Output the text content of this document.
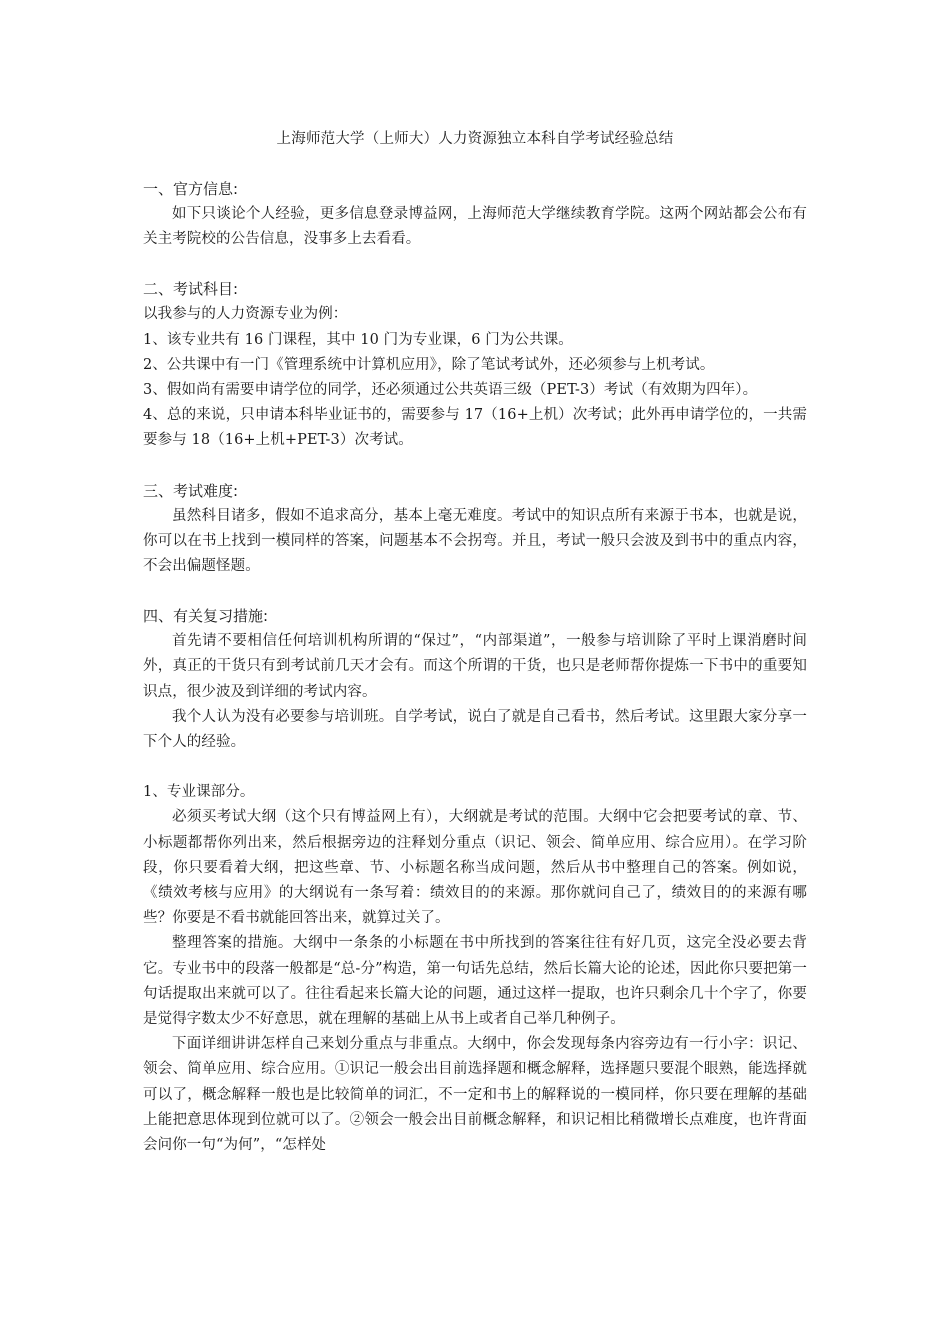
上海师范大学（上师大）人力资源独立本科自学考试经验总结

一、官方信息:

如下只谈论个人经验，更多信息登录博益网，上海师范大学继续教育学院。这两个网站都会公布有关主考院校的公告信息，没事多上去看看。

二、考试科目:

以我参与的人力资源专业为例：

1、该专业共有 16 门课程，其中 10 门为专业课，6 门为公共课。

2、公共课中有一门《管理系统中计算机应用》，除了笔试考试外，还必须参与上机考试。

3、假如尚有需要申请学位的同学，还必须通过公共英语三级（PET-3）考试（有效期为四年）。

4、总的来说，只申请本科毕业证书的，需要参与 17（16+上机）次考试；此外再申请学位的，一共需要参与 18（16+上机+PET-3）次考试。

三、考试难度:

虽然科目诸多，假如不追求高分，基本上毫无难度。考试中的知识点所有来源于书本，也就是说，你可以在书上找到一模同样的答案，问题基本不会拐弯。并且，考试一般只会波及到书中的重点内容，不会出偏题怪题。

四、有关复习措施:

首先请不要相信任何培训机构所谓的“保过”，“内部渠道”，一般参与培训除了平时上课消磨时间外，真正的干货只有到考试前几天才会有。而这个所谓的干货，也只是老师帮你提炼一下书中的重要知识点，很少波及到详细的考试内容。

我个人认为没有必要参与培训班。自学考试，说白了就是自己看书，然后考试。这里跟大家分享一下个人的经验。

1、专业课部分。

必须买考试大纲（这个只有博益网上有），大纲就是考试的范围。大纲中它会把要考试的章、节、小标题都帮你列出来，然后根据旁边的注释划分重点（识记、领会、简单应用、综合应用）。在学习阶段，你只要看着大纲，把这些章、节、小标题名称当成问题，然后从书中整理自己的答案。例如说，《绩效考核与应用》的大纲说有一条写着：绩效目的的来源。那你就问自己了，绩效目的的来源有哪些？你要是不看书就能回答出来，就算过关了。

整理答案的措施。大纲中一条条的小标题在书中所找到的答案往往有好几页，这完全没必要去背它。专业书中的段落一般都是“总-分”构造，第一句话先总结，然后长篇大论的论述，因此你只要把第一句话提取出来就可以了。往往看起来长篇大论的问题，通过这样一提取，也许只剩余几十个字了，你要是觉得字数太少不好意思，就在理解的基础上从书上或者自己举几种例子。

下面详细讲讲怎样自己来划分重点与非重点。大纲中，你会发现每条内容旁边有一行小字：识记、领会、简单应用、综合应用。①识记一般会出目前选择题和概念解释，选择题只要混个眼熟，能选择就可以了，概念解释一般也是比较简单的词汇，不一定和书上的解释说的一模同样，你只要在理解的基础上能把意思体现到位就可以了。②领会一般会出目前概念解释，和识记相比稍微增长点难度，也许背面会问你一句“为何”，“怎样处
